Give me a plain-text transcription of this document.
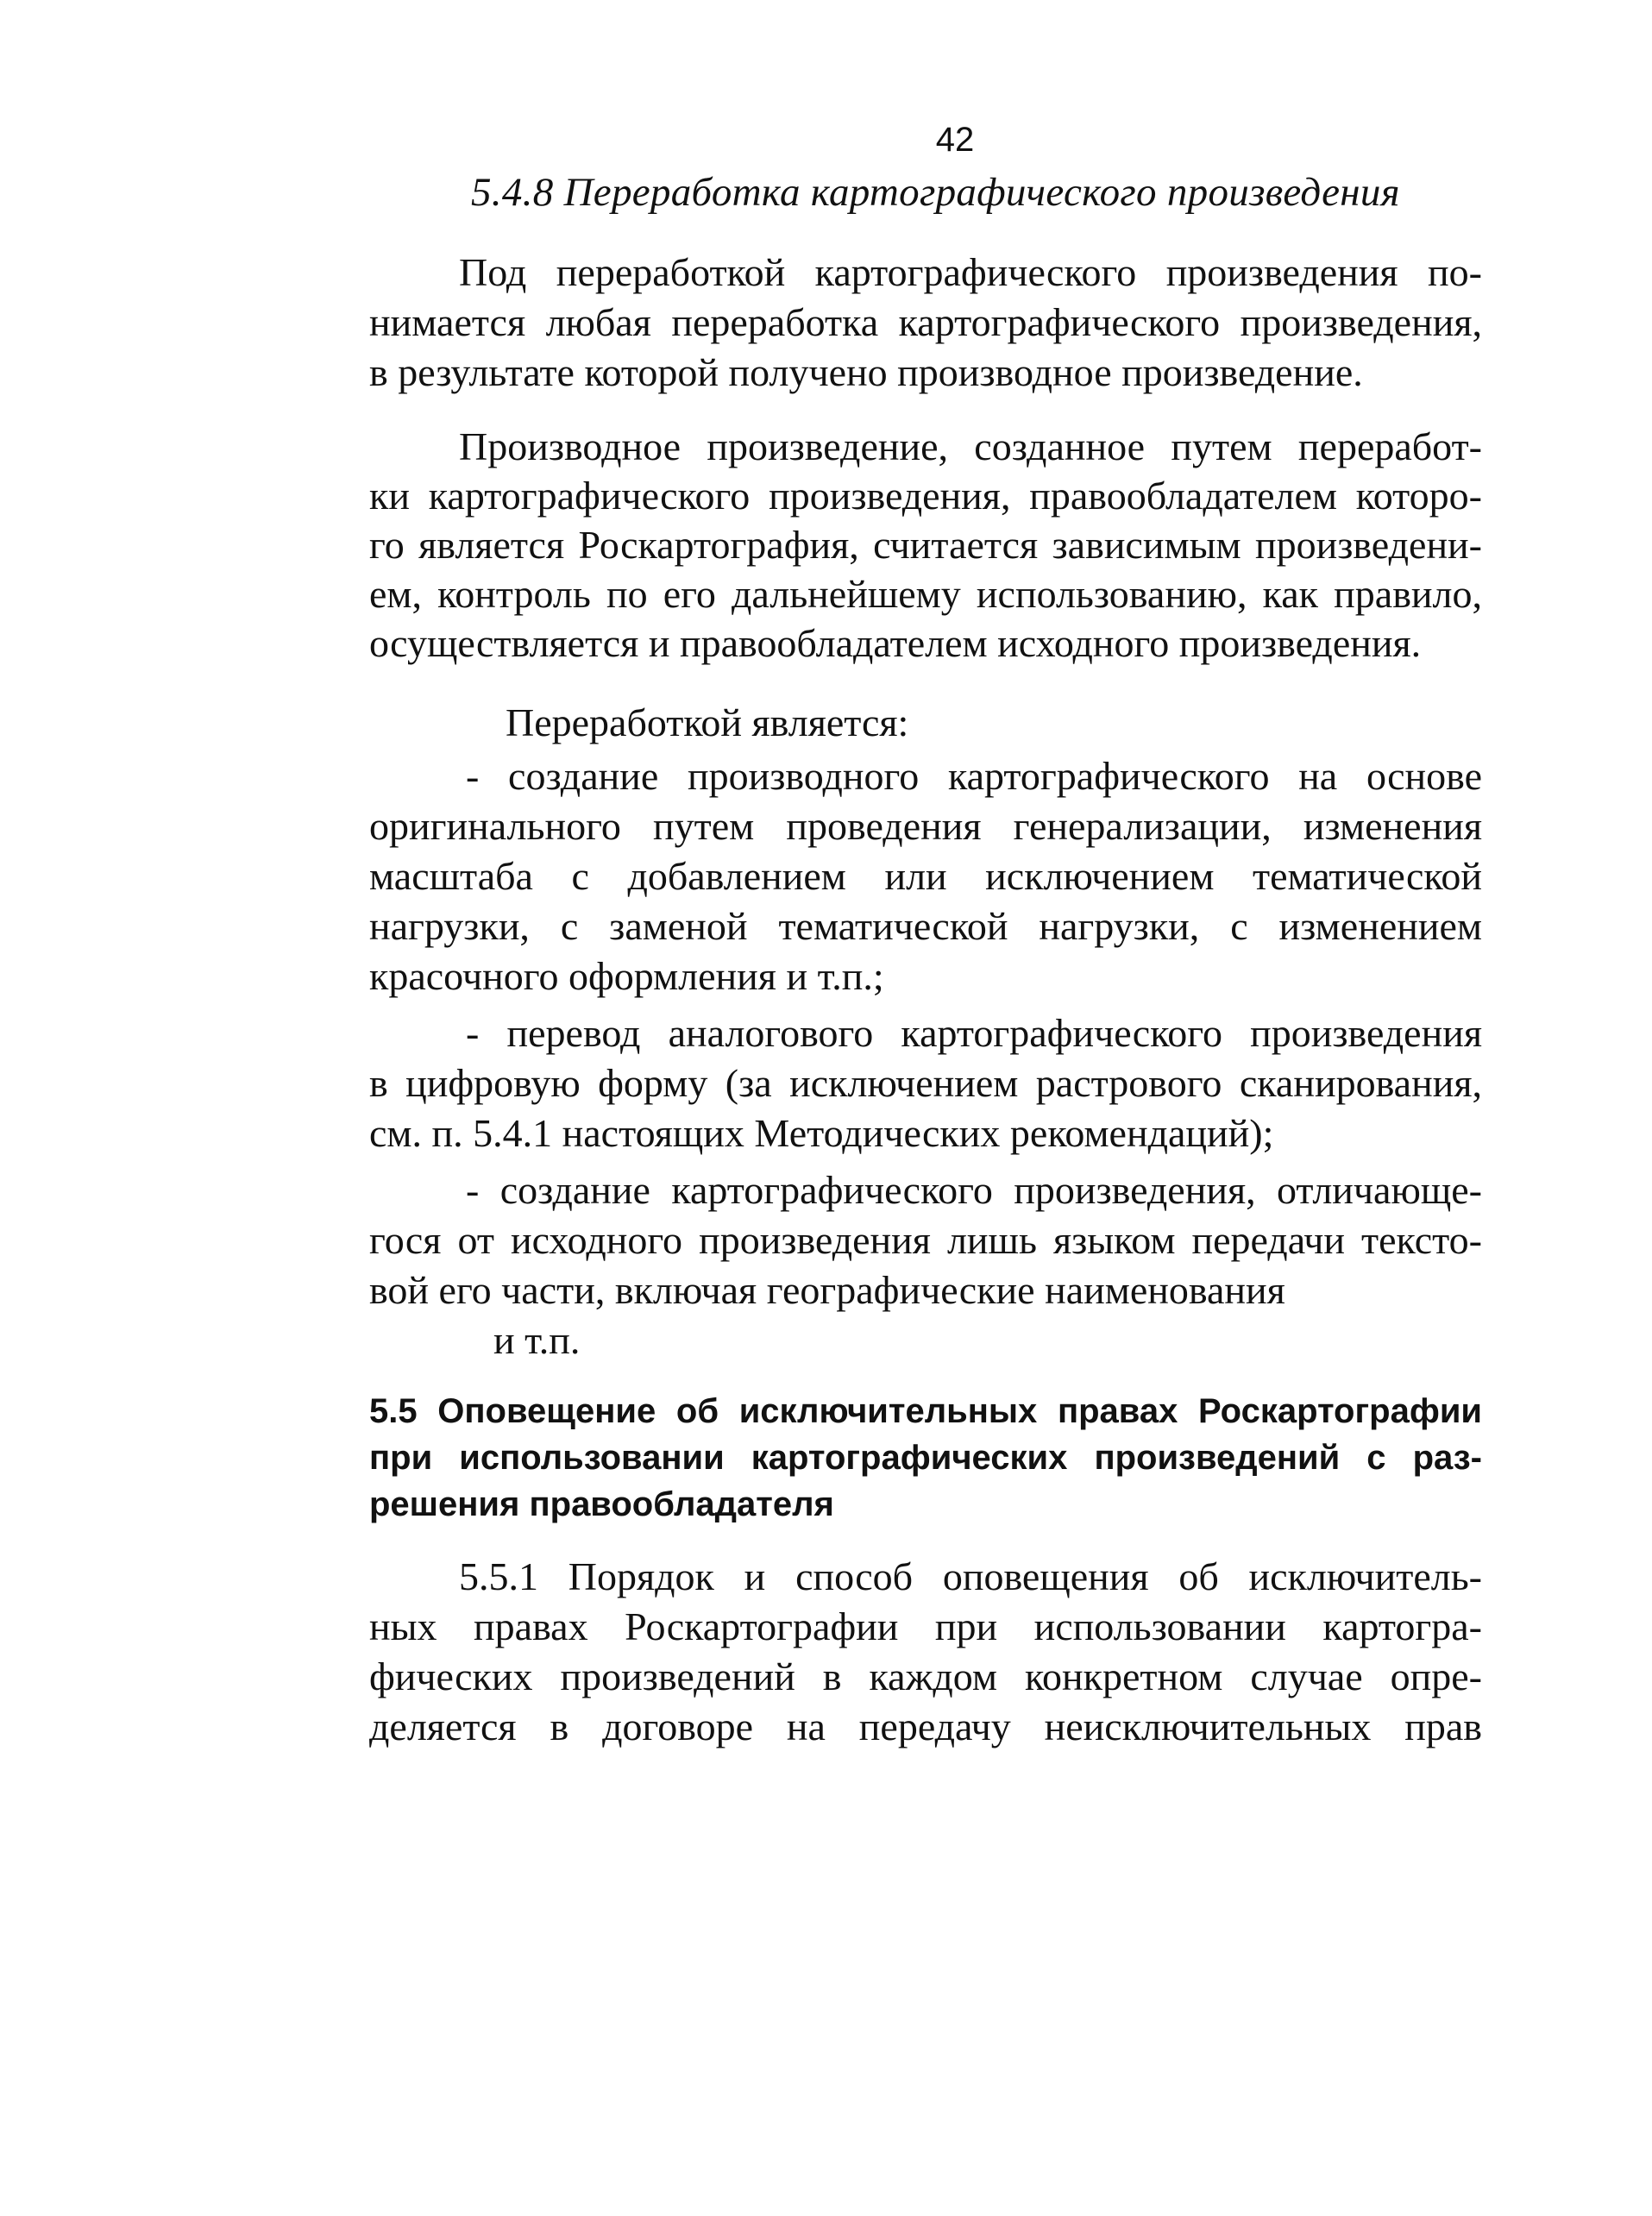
42
5.4.8 Переработка картографического произведения
Под переработкой картографического произведения по-
нимается любая переработка картографического произведения,
в результате которой получено производное произведение.
Производное произведение, созданное путем переработ-
ки картографического произведения, правообладателем которо-
го является Роскартография, считается зависимым произведени-
ем, контроль по его дальнейшему использованию, как правило,
осуществляется и правообладателем исходного произведения.
Переработкой является:
- создание производного картографического на основе
оригинального путем проведения генерализации, изменения
масштаба с добавлением или исключением тематической
нагрузки, с заменой тематической нагрузки, с изменением
красочного оформления и т.п.;
- перевод аналогового картографического произведения
в цифровую форму (за исключением растрового сканирования,
см. п. 5.4.1 настоящих Методических рекомендаций);
- создание картографического произведения, отличающе-
гося от исходного произведения лишь языком передачи тексто-
вой его части, включая географические наименования
и т.п.
5.5 Оповещение об исключительных правах Роскартографии
при использовании картографических произведений с раз-
решения правообладателя
5.5.1 Порядок и способ оповещения об исключитель-
ных правах Роскартографии при использовании картогра-
фических произведений в каждом конкретном случае опре-
деляется в договоре на передачу неисключительных прав
